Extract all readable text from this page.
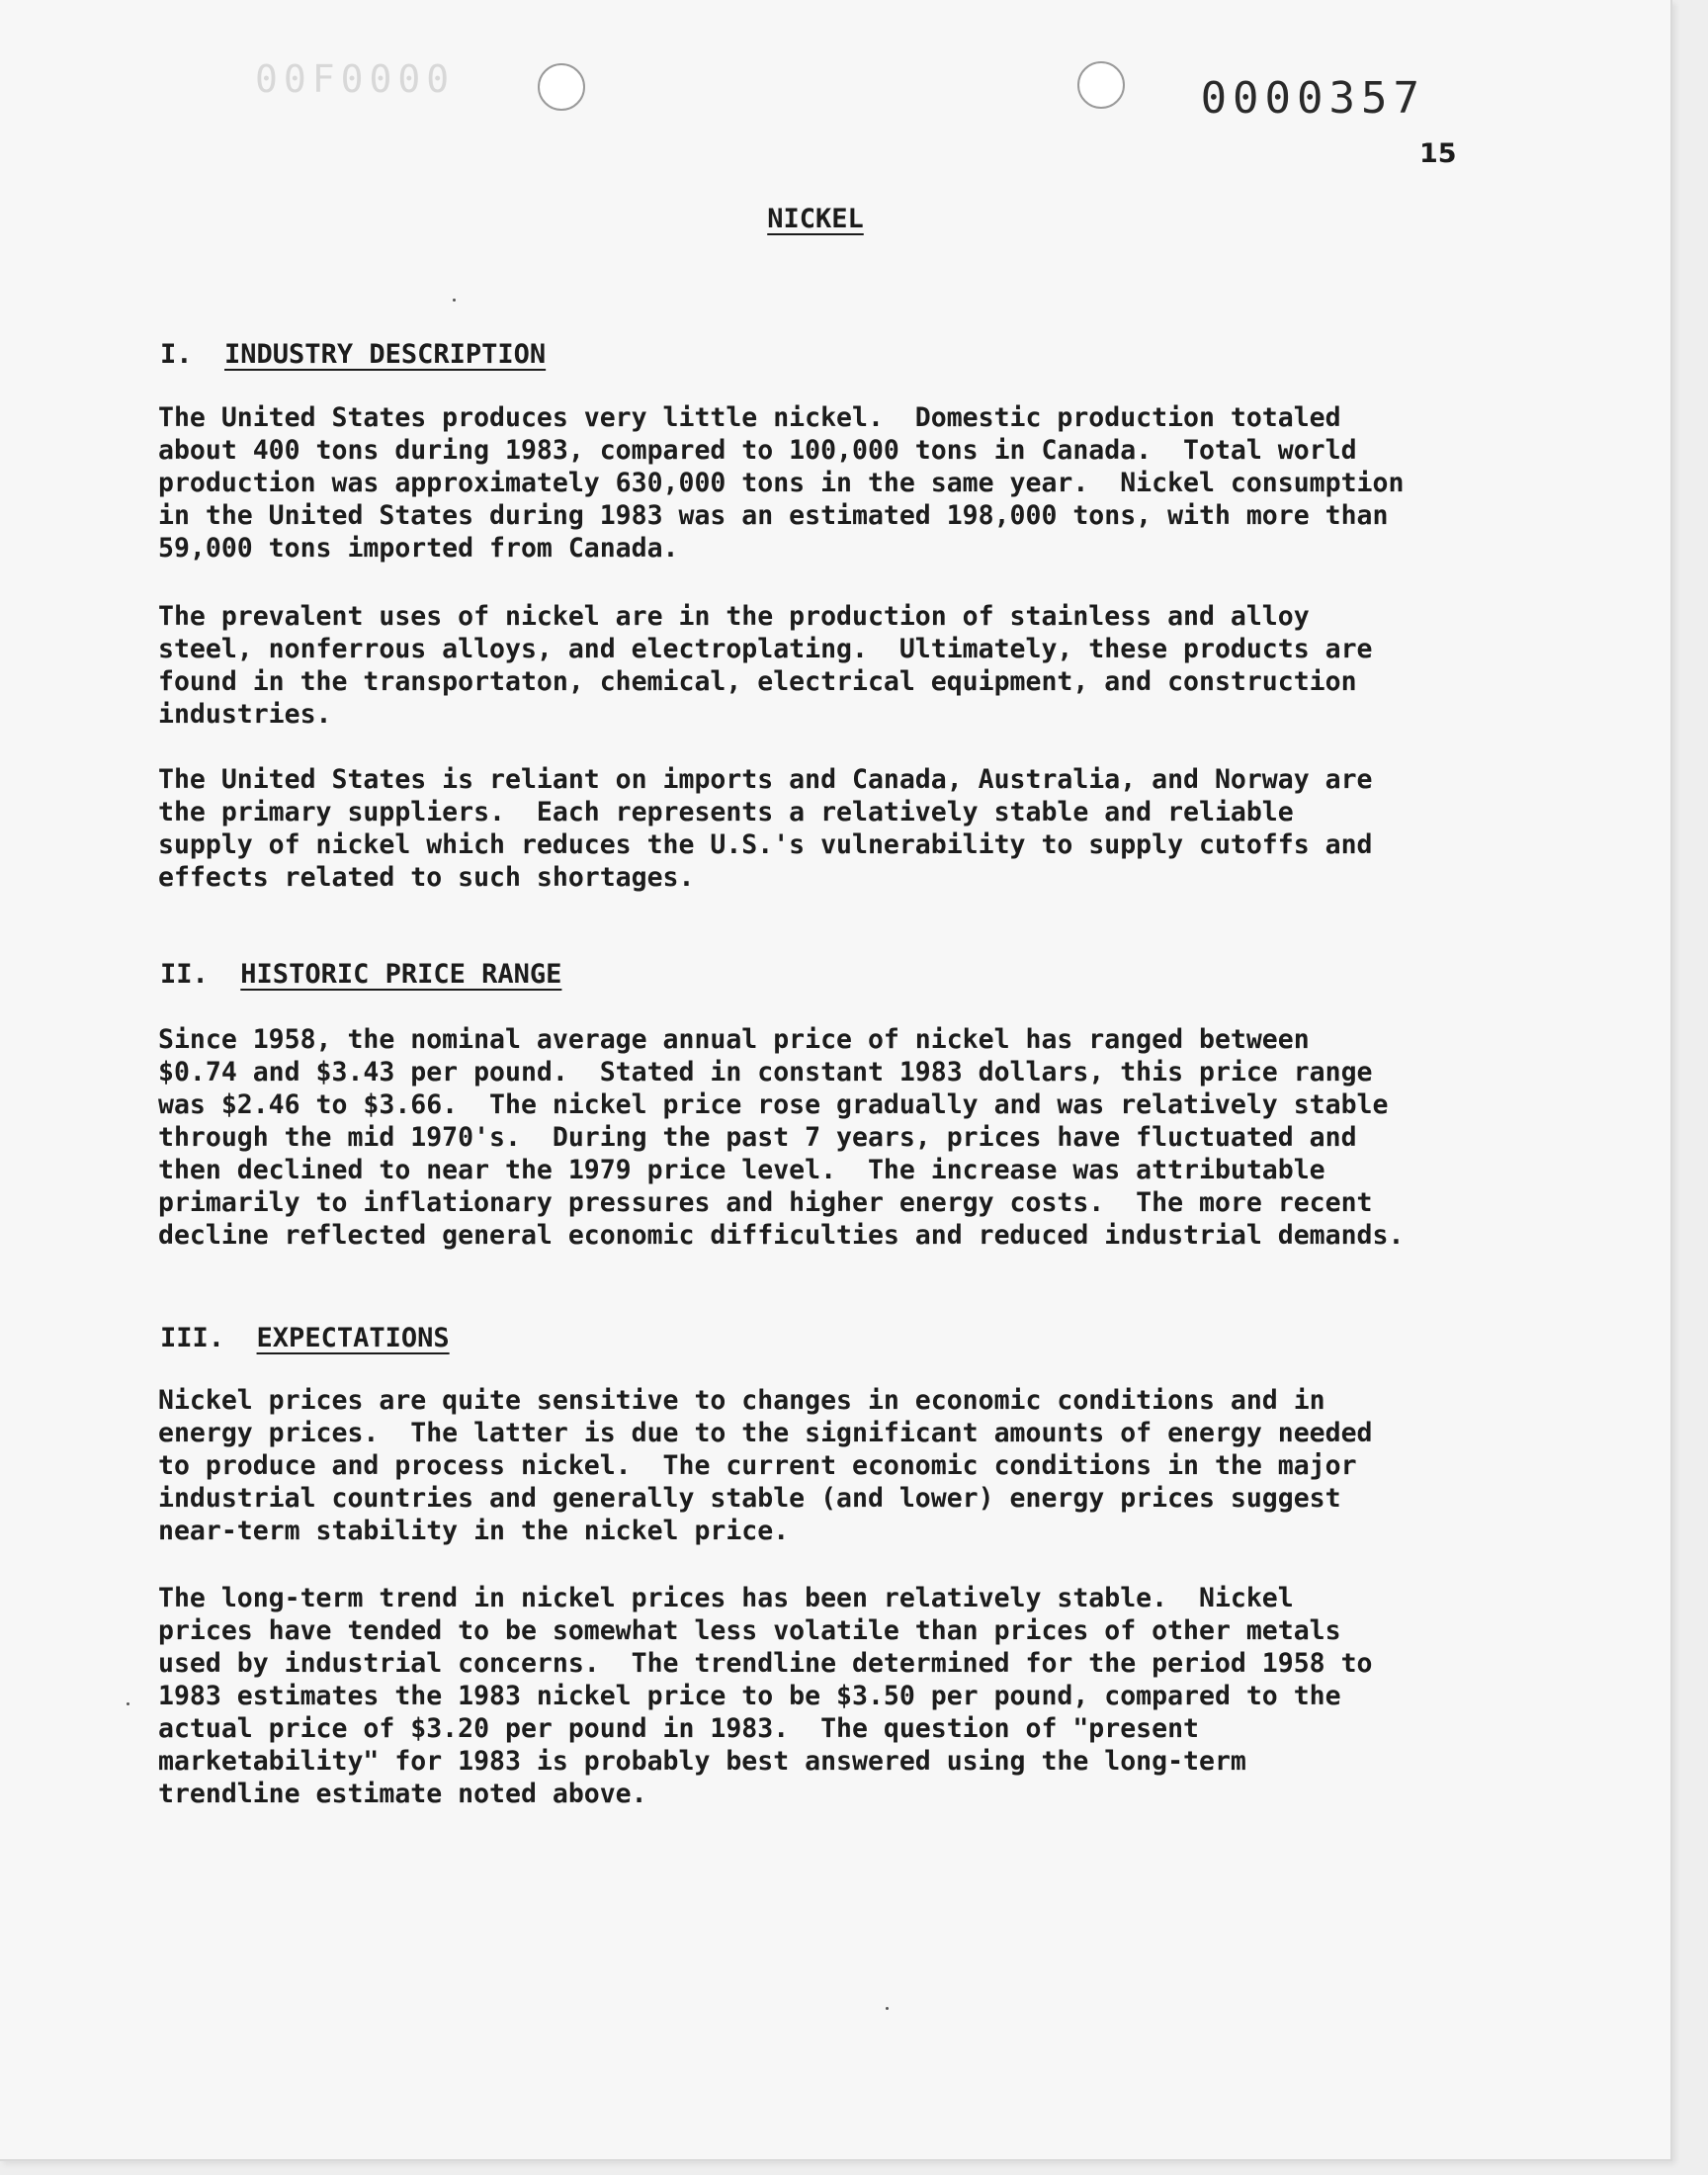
00F0000	0000357
15
NICKEL
I. INDUSTRY DESCRIPTION
The United States produces very little nickel.  Domestic production totaled
about 400 tons during 1983, compared to 100,000 tons in Canada.  Total world
production was approximately 630,000 tons in the same year.  Nickel consumption
in the United States during 1983 was an estimated 198,000 tons, with more than
59,000 tons imported from Canada.
The prevalent uses of nickel are in the production of stainless and alloy
steel, nonferrous alloys, and electroplating.  Ultimately, these products are
found in the transportaton, chemical, electrical equipment, and construction
industries.
The United States is reliant on imports and Canada, Australia, and Norway are
the primary suppliers.  Each represents a relatively stable and reliable
supply of nickel which reduces the U.S.'s vulnerability to supply cutoffs and
effects related to such shortages.
II. HISTORIC PRICE RANGE
Since 1958, the nominal average annual price of nickel has ranged between
$0.74 and $3.43 per pound.  Stated in constant 1983 dollars, this price range
was $2.46 to $3.66.  The nickel price rose gradually and was relatively stable
through the mid 1970's.  During the past 7 years, prices have fluctuated and
then declined to near the 1979 price level.  The increase was attributable
primarily to inflationary pressures and higher energy costs.  The more recent
decline reflected general economic difficulties and reduced industrial demands.
III. EXPECTATIONS
Nickel prices are quite sensitive to changes in economic conditions and in
energy prices.  The latter is due to the significant amounts of energy needed
to produce and process nickel.  The current economic conditions in the major
industrial countries and generally stable (and lower) energy prices suggest
near-term stability in the nickel price.
The long-term trend in nickel prices has been relatively stable.  Nickel
prices have tended to be somewhat less volatile than prices of other metals
used by industrial concerns.  The trendline determined for the period 1958 to
1983 estimates the 1983 nickel price to be $3.50 per pound, compared to the
actual price of $3.20 per pound in 1983.  The question of "present
marketability" for 1983 is probably best answered using the long-term
trendline estimate noted above.
